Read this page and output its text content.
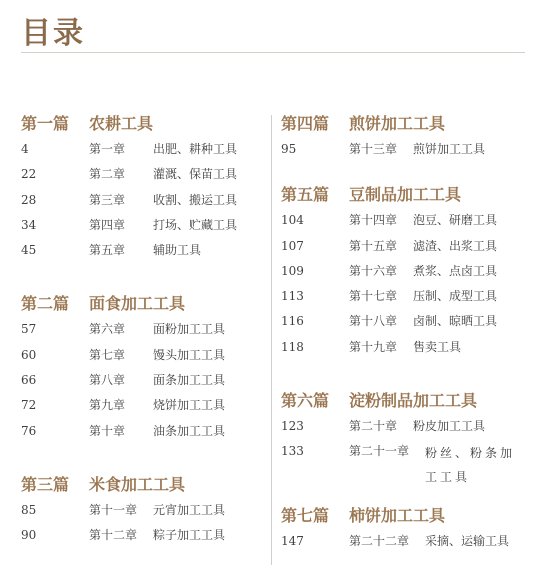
目录
第一篇 农耕工具
4	第一章	出肥、耕种工具
22	第二章	灌溉、保苗工具
28	第三章	收割、搬运工具
34	第四章	打场、贮藏工具
45	第五章	辅助工具
第二篇 面食加工工具
57	第六章	面粉加工工具
60	第七章	馒头加工工具
66	第八章	面条加工工具
72	第九章	烧饼加工工具
76	第十章	油条加工工具
第三篇 米食加工工具
85	第十一章	元宵加工工具
90	第十二章	粽子加工工具
第四篇 煎饼加工工具
95	第十三章	煎饼加工工具
第五篇 豆制品加工工具
104	第十四章	泡豆、研磨工具
107	第十五章	滤渣、出浆工具
109	第十六章	煮浆、点卤工具
113	第十七章	压制、成型工具
116	第十八章	卤制、晾晒工具
118	第十九章	售卖工具
第六篇 淀粉制品加工工具
123	第二十章	粉皮加工工具
133	第二十一章	粉丝、粉条加工工具
第七篇 柿饼加工工具
147	第二十二章	采摘、运输工具
